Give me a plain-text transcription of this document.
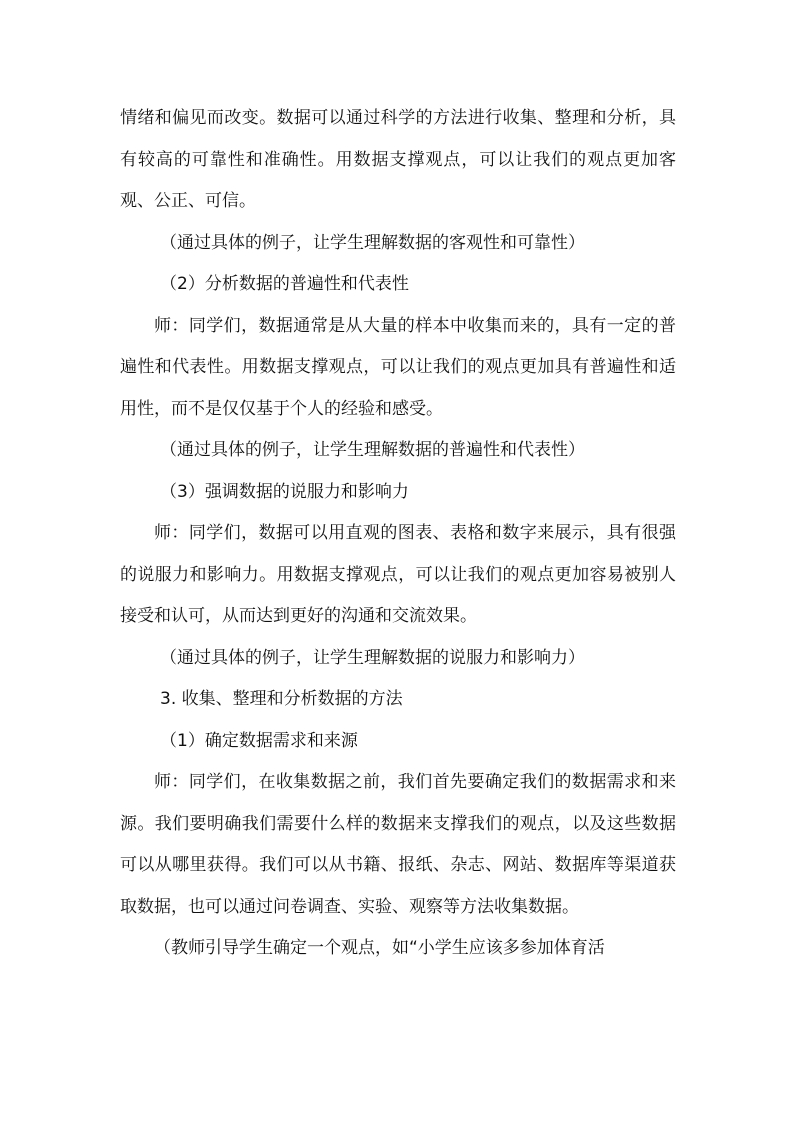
情绪和偏见而改变。数据可以通过科学的方法进行收集、整理和分析，具有较高的可靠性和准确性。用数据支撑观点，可以让我们的观点更加客观、公正、可信。

（通过具体的例子，让学生理解数据的客观性和可靠性）

（2）分析数据的普遍性和代表性

师：同学们，数据通常是从大量的样本中收集而来的，具有一定的普遍性和代表性。用数据支撑观点，可以让我们的观点更加具有普遍性和适用性，而不是仅仅基于个人的经验和感受。

（通过具体的例子，让学生理解数据的普遍性和代表性）

（3）强调数据的说服力和影响力

师：同学们，数据可以用直观的图表、表格和数字来展示，具有很强的说服力和影响力。用数据支撑观点，可以让我们的观点更加容易被别人接受和认可，从而达到更好的沟通和交流效果。

（通过具体的例子，让学生理解数据的说服力和影响力）

3. 收集、整理和分析数据的方法

（1）确定数据需求和来源

师：同学们，在收集数据之前，我们首先要确定我们的数据需求和来源。我们要明确我们需要什么样的数据来支撑我们的观点，以及这些数据可以从哪里获得。我们可以从书籍、报纸、杂志、网站、数据库等渠道获取数据，也可以通过问卷调查、实验、观察等方法收集数据。

（教师引导学生确定一个观点，如“小学生应该多参加体育活
